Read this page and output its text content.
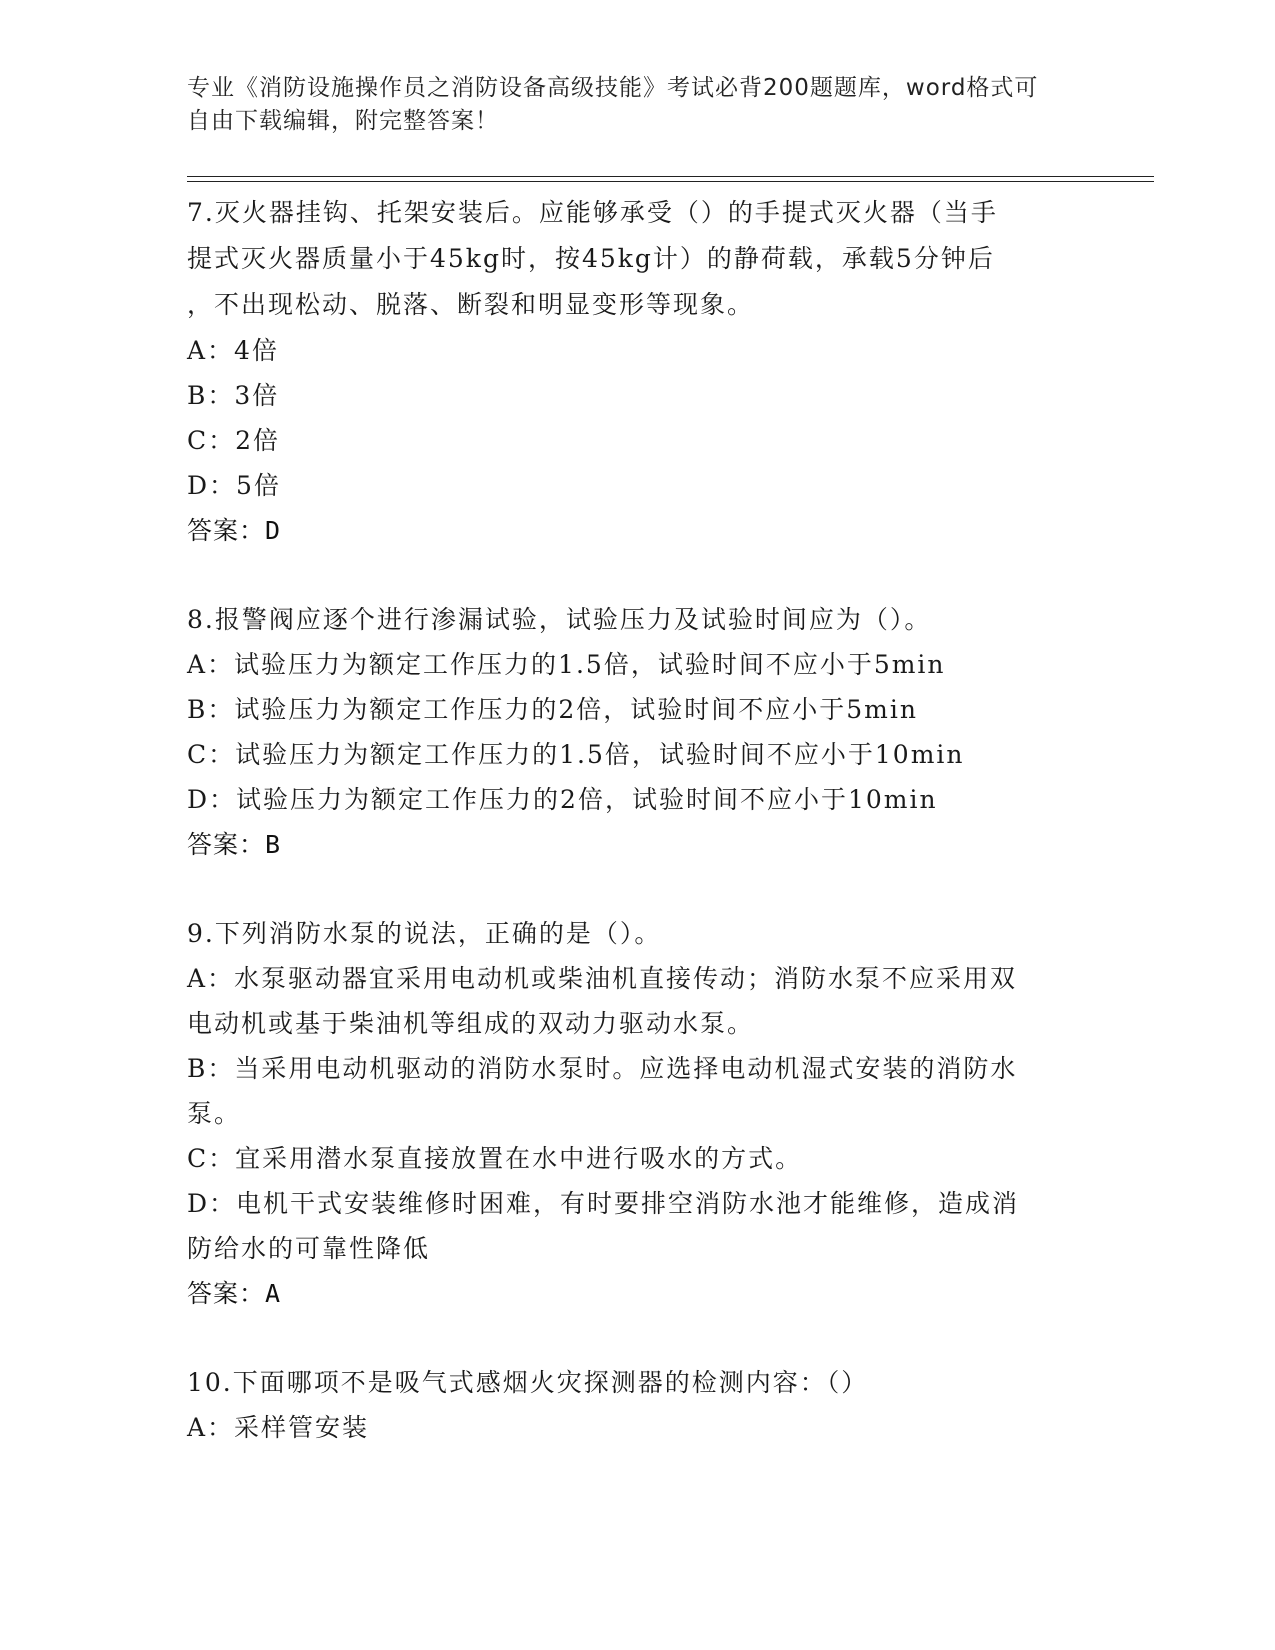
专业《消防设施操作员之消防设备高级技能》考试必背200题题库，word格式可
自由下载编辑，附完整答案！
7.灭火器挂钩、托架安装后。应能够承受（）的手提式灭火器（当手
提式灭火器质量小于45kg时，按45kg计）的静荷载，承载5分钟后
，不出现松动、脱落、断裂和明显变形等现象。
A：4倍
B：3倍
C：2倍
D：5倍
答案：D
8.报警阀应逐个进行渗漏试验，试验压力及试验时间应为（）。
A：试验压力为额定工作压力的1.5倍，试验时间不应小于5min
B：试验压力为额定工作压力的2倍，试验时间不应小于5min
C：试验压力为额定工作压力的1.5倍，试验时间不应小于10min
D：试验压力为额定工作压力的2倍，试验时间不应小于10min
答案：B
9.下列消防水泵的说法，正确的是（）。
A：水泵驱动器宜采用电动机或柴油机直接传动；消防水泵不应采用双
电动机或基于柴油机等组成的双动力驱动水泵。
B：当采用电动机驱动的消防水泵时。应选择电动机湿式安装的消防水
泵。
C：宜采用潜水泵直接放置在水中进行吸水的方式。
D：电机干式安装维修时困难，有时要排空消防水池才能维修，造成消
防给水的可靠性降低
答案：A
10.下面哪项不是吸气式感烟火灾探测器的检测内容：（）
A：采样管安装
